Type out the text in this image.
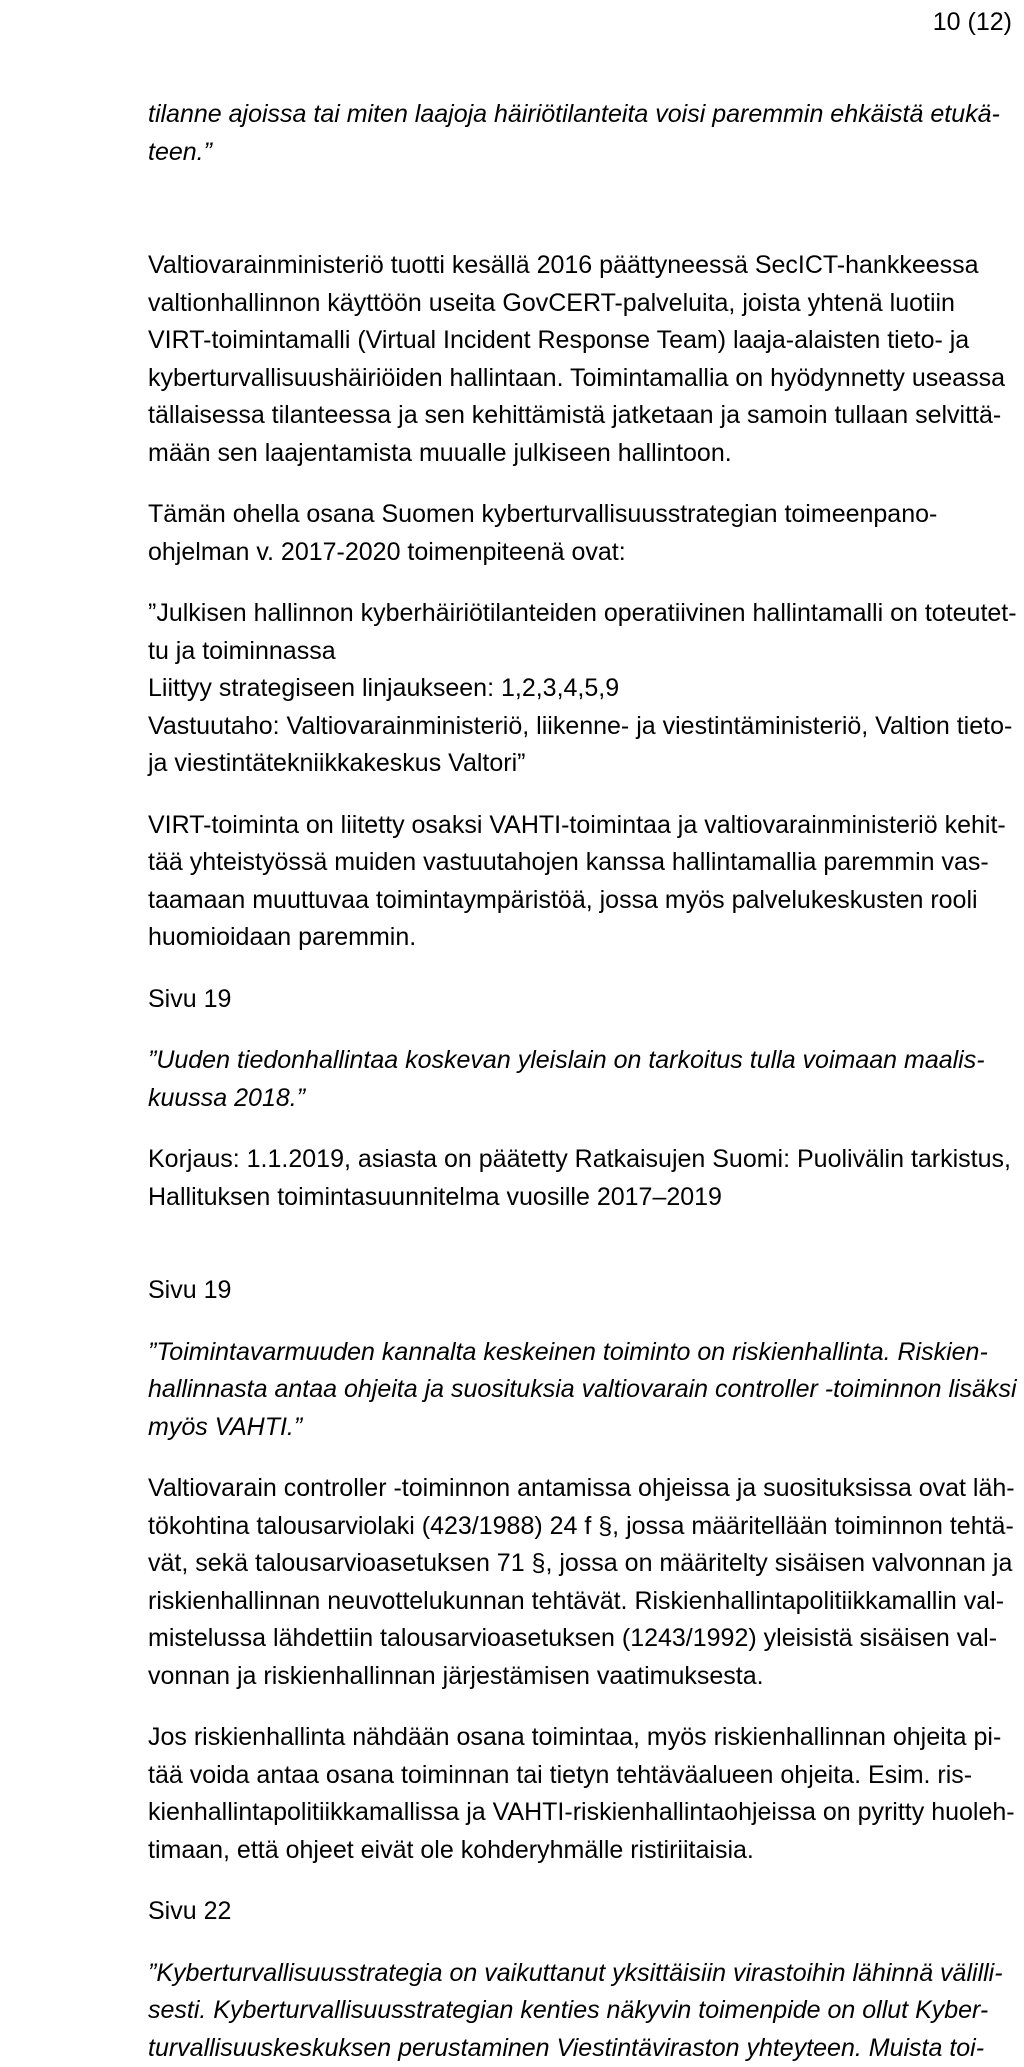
10 (12)
tilanne ajoissa tai miten laajoja häiriötilanteita voisi paremmin ehkäistä etukä-
teen.”
Valtiovarainministeriö tuotti kesällä 2016 päättyneessä SecICT-hankkeessa
valtionhallinnon käyttöön useita GovCERT-palveluita, joista yhtenä luotiin
VIRT-toimintamalli (Virtual Incident Response Team) laaja-alaisten tieto- ja
kyberturvallisuushäiriöiden hallintaan. Toimintamallia on hyödynnetty useassa
tällaisessa tilanteessa ja sen kehittämistä jatketaan ja samoin tullaan selvittä-
mään sen laajentamista muualle julkiseen hallintoon.
Tämän ohella osana Suomen kyberturvallisuusstrategian toimeenpano-
ohjelman v. 2017-2020 toimenpiteenä ovat:
”Julkisen hallinnon kyberhäiriötilanteiden operatiivinen hallintamalli on toteutet-
tu ja toiminnassa
Liittyy strategiseen linjaukseen: 1,2,3,4,5,9
Vastuutaho: Valtiovarainministeriö, liikenne- ja viestintäministeriö, Valtion tieto-
ja viestintätekniikkakeskus Valtori”
VIRT-toiminta on liitetty osaksi VAHTI-toimintaa ja valtiovarainministeriö kehit-
tää yhteistyössä muiden vastuutahojen kanssa hallintamallia paremmin vas-
taamaan muuttuvaa toimintaympäristöä, jossa myös palvelukeskusten rooli
huomioidaan paremmin.
Sivu 19
”Uuden tiedonhallintaa koskevan yleislain on tarkoitus tulla voimaan maalis-
kuussa 2018.”
Korjaus: 1.1.2019, asiasta on päätetty Ratkaisujen Suomi: Puolivälin tarkistus,
Hallituksen toimintasuunnitelma vuosille 2017–2019
Sivu 19
”Toimintavarmuuden kannalta keskeinen toiminto on riskienhallinta. Riskien-
hallinnasta antaa ohjeita ja suosituksia valtiovarain controller -toiminnon lisäksi
myös VAHTI.”
Valtiovarain controller -toiminnon antamissa ohjeissa ja suosituksissa ovat läh-
tökohtina talousarviolaki (423/1988) 24 f §, jossa määritellään toiminnon tehtä-
vät, sekä talousarvioasetuksen 71 §, jossa on määritelty sisäisen valvonnan ja
riskienhallinnan neuvottelukunnan tehtävät. Riskienhallintapolitiikkamallin val-
mistelussa lähdettiin talousarvioasetuksen (1243/1992) yleisistä sisäisen val-
vonnan ja riskienhallinnan järjestämisen vaatimuksesta.
Jos riskienhallinta nähdään osana toimintaa, myös riskienhallinnan ohjeita pi-
tää voida antaa osana toiminnan tai tietyn tehtäväalueen ohjeita. Esim. ris-
kienhallintapolitiikkamallissa ja VAHTI-riskienhallintaohjeissa on pyritty huoleh-
timaan, että ohjeet eivät ole kohderyhmälle ristiriitaisia.
Sivu 22
”Kyberturvallisuusstrategia on vaikuttanut yksittäisiin virastoihin lähinnä välilli-
sesti. Kyberturvallisuusstrategian kenties näkyvin toimenpide on ollut Kyber-
turvallisuuskeskuksen perustaminen Viestintäviraston yhteyteen. Muista toi-
